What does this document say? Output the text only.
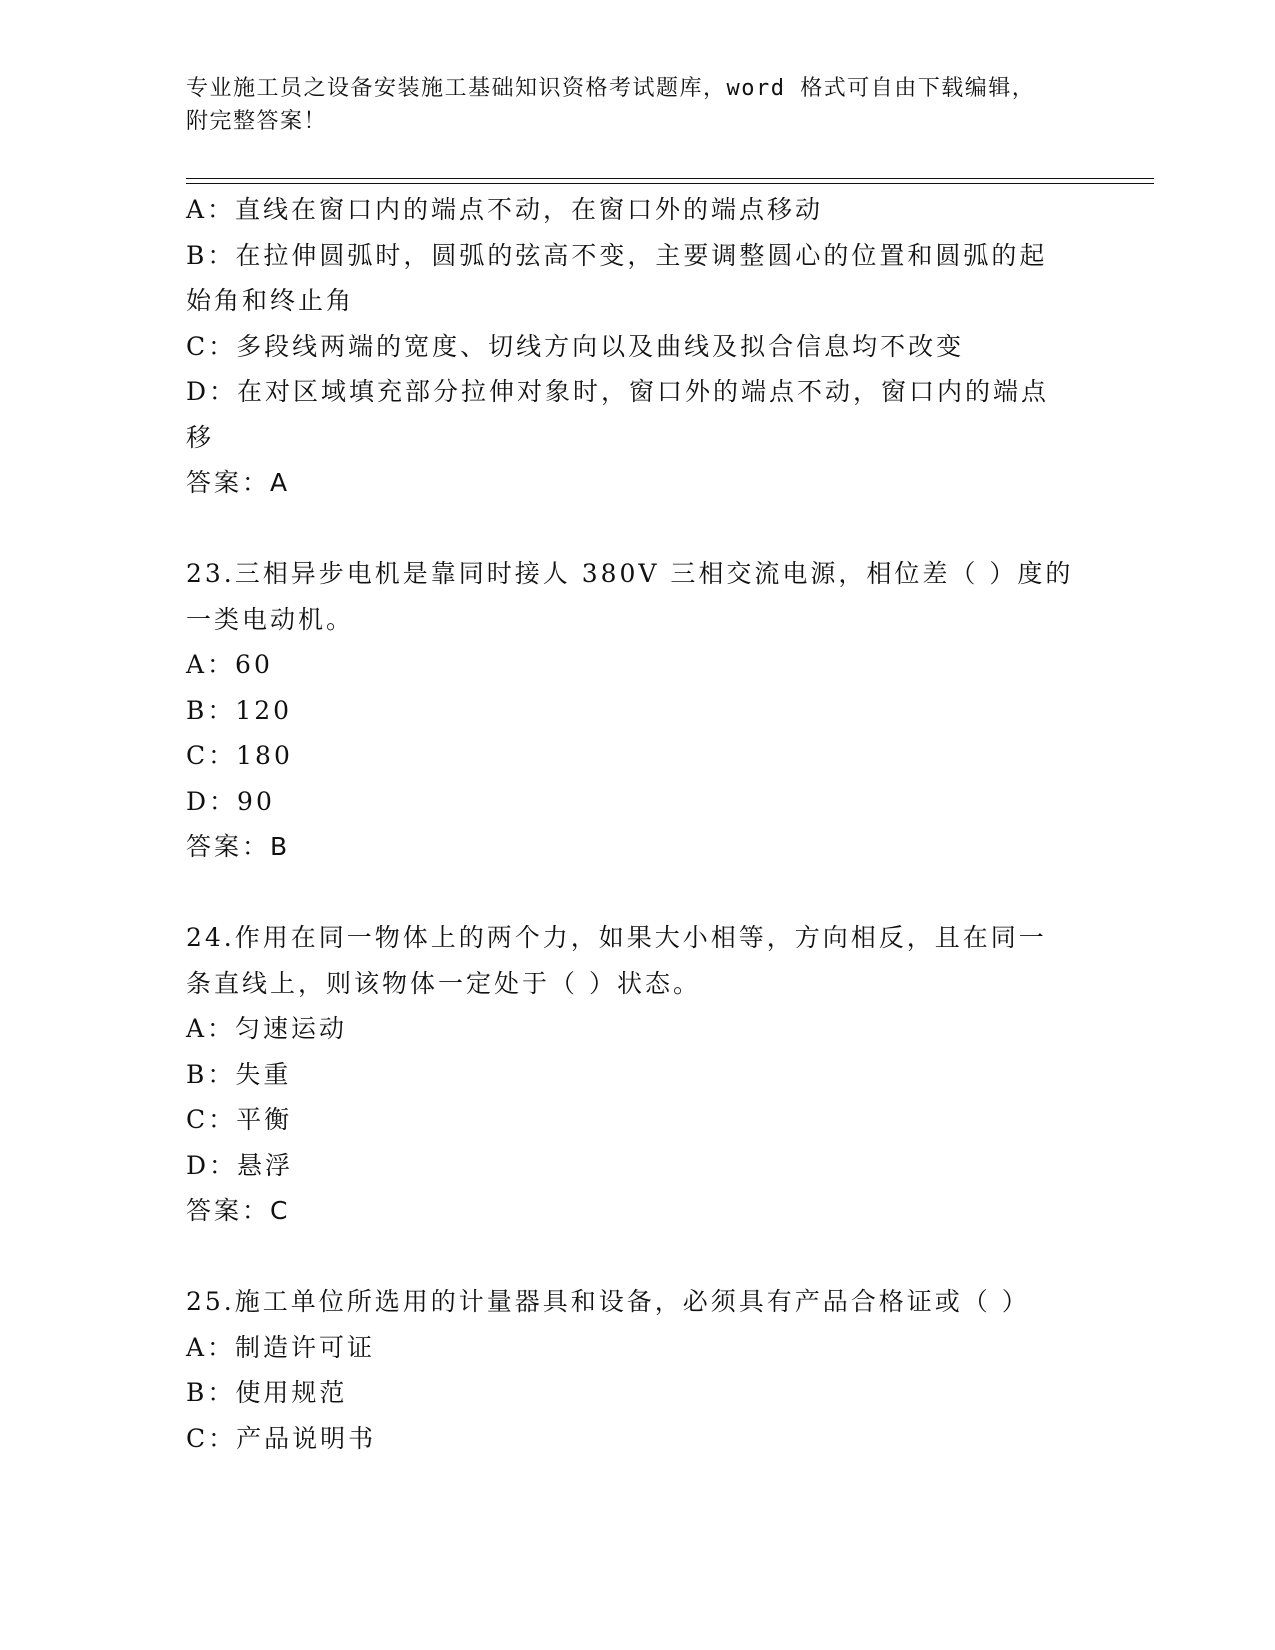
专业施工员之设备安装施工基础知识资格考试题库，word 格式可自由下载编辑，
附完整答案！
A：直线在窗口内的端点不动，在窗口外的端点移动
B：在拉伸圆弧时，圆弧的弦高不变，主要调整圆心的位置和圆弧的起
始角和终止角
C：多段线两端的宽度、切线方向以及曲线及拟合信息均不改变
D：在对区域填充部分拉伸对象时，窗口外的端点不动，窗口内的端点
移
答案：A
23.三相异步电机是靠同时接人 380V 三相交流电源，相位差（ ）度的
一类电动机。
A：60
B：120
C：180
D：90
答案：B
24.作用在同一物体上的两个力，如果大小相等，方向相反，且在同一
条直线上，则该物体一定处于（ ）状态。
A：匀速运动
B：失重
C：平衡
D：悬浮
答案：C
25.施工单位所选用的计量器具和设备，必须具有产品合格证或（ ）
A：制造许可证
B：使用规范
C：产品说明书
